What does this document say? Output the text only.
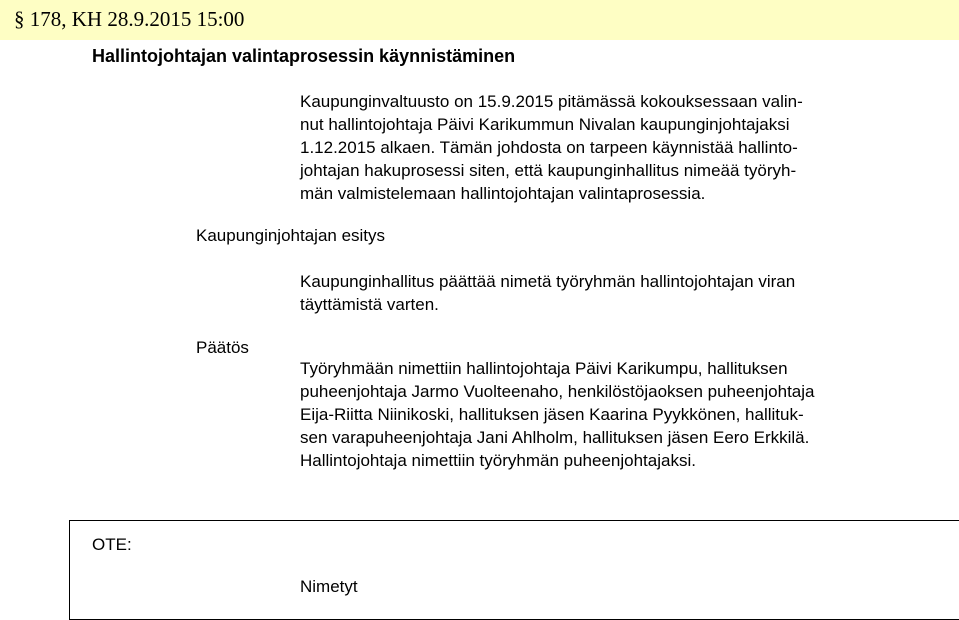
§ 178, KH 28.9.2015 15:00
Hallintojohtajan valintaprosessin käynnistäminen
Kaupunginvaltuusto on 15.9.2015 pitämässä kokouksessaan valin-
nut hallintojohtaja Päivi Karikummun Nivalan kaupunginjohtajaksi
1.12.2015 alkaen. Tämän johdosta on tarpeen käynnistää hallinto-
johtajan hakuprosessi siten, että kaupunginhallitus nimeää työryh-
män valmistelemaan hallintojohtajan valintaprosessia.
Kaupunginjohtajan esitys
Kaupunginhallitus päättää nimetä työryhmän hallintojohtajan viran
täyttämistä varten.
Päätös
Työryhmään nimettiin hallintojohtaja Päivi Karikumpu, hallituksen
puheenjohtaja Jarmo Vuolteenaho, henkilöstöjaoksen puheenjohtaja
Eija-Riitta Niinikoski, hallituksen jäsen Kaarina Pyykkönen, hallituk-
sen varapuheenjohtaja Jani Ahlholm, hallituksen jäsen Eero Erkkilä.
Hallintojohtaja nimettiin työryhmän puheenjohtajaksi.
OTE:
Nimetyt
